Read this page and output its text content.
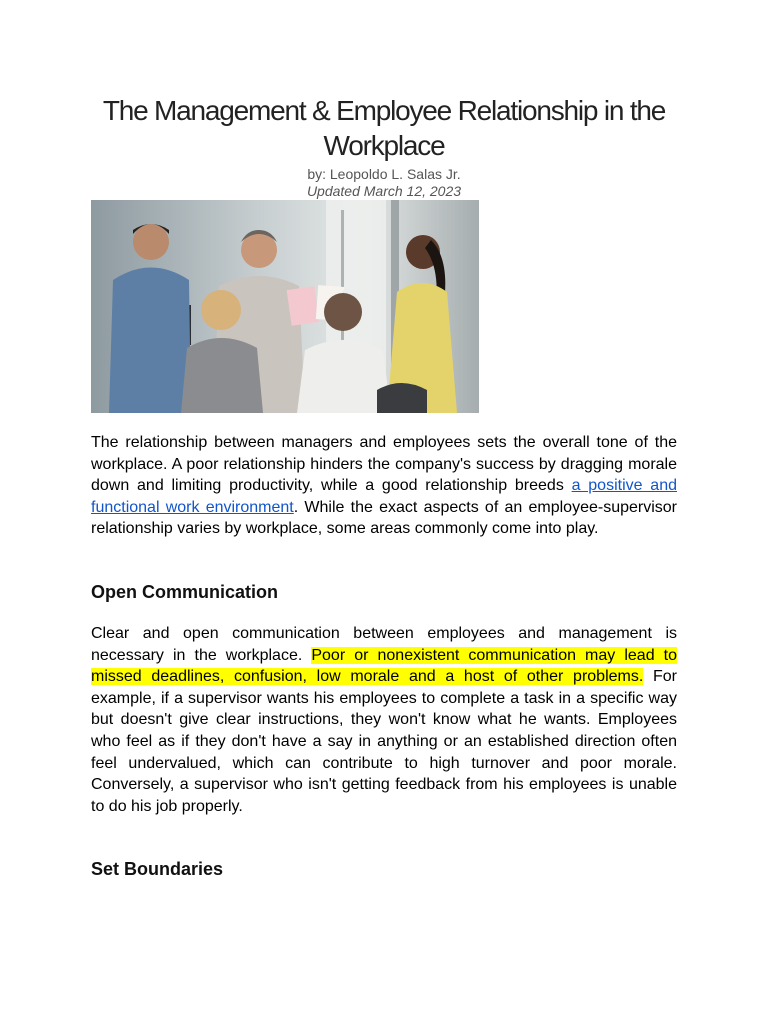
The Management & Employee Relationship in the Workplace
by: Leopoldo L. Salas Jr.
Updated March 12, 2023

The relationship between managers and employees sets the overall tone of the workplace. A poor relationship hinders the company's success by dragging morale down and limiting productivity, while a good relationship breeds a positive and functional work environment. While the exact aspects of an employee-supervisor relationship varies by workplace, some areas commonly come into play.

Open Communication

Clear and open communication between employees and management is necessary in the workplace. Poor or nonexistent communication may lead to missed deadlines, confusion, low morale and a host of other problems. For example, if a supervisor wants his employees to complete a task in a specific way but doesn't give clear instructions, they won't know what he wants. Employees who feel as if they don't have a say in anything or an established direction often feel undervalued, which can contribute to high turnover and poor morale. Conversely, a supervisor who isn't getting feedback from his employees is unable to do his job properly.

Set Boundaries
